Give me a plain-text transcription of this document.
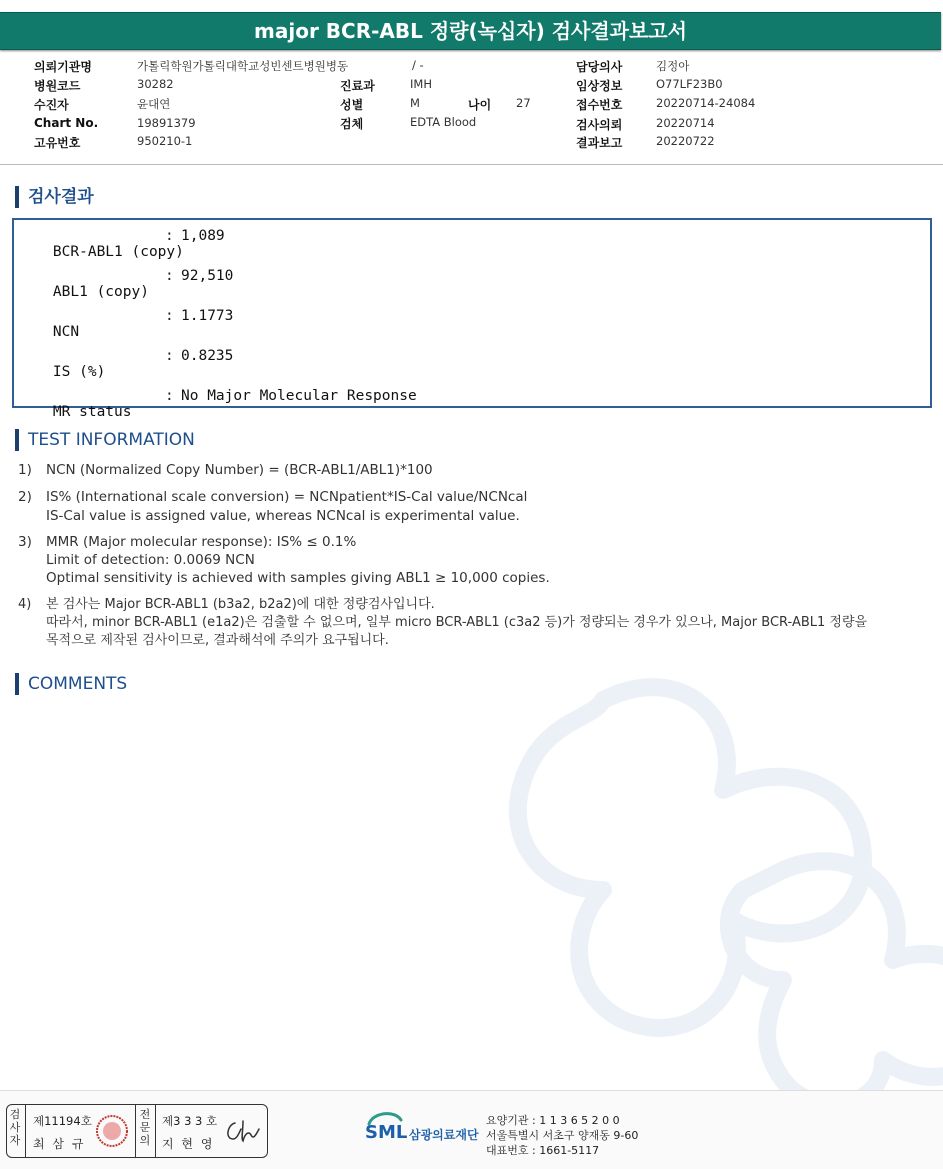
major BCR-ABL 정량(녹십자) 검사결과보고서
의뢰기관명	가톨릭학원가톨릭대학교성빈센트병원병동	/ -
병원코드	30282	진료과	IMH
수진자	윤대연	성별	M	나이 27
Chart No.	19891379	검체	EDTA Blood
고유번호	950210-1
담당의사	김정아
임상정보	O77LF23B0
접수번호	20220714-24084
검사의뢰	20220714
결과보고	20220722
검사결과

BCR-ABL1 (copy)

: 1,089

ABL1 (copy)

: 92,510

NCN

: 1.1773

IS (%)

: 0.8235

MR status

: No Major Molecular Response
TEST INFORMATION
1) NCN (Normalized Copy Number) = (BCR-ABL1/ABL1)*100
2) IS% (International scale conversion) = NCNpatient*IS-Cal value/NCNcal
IS-Cal value is assigned value, whereas NCNcal is experimental value.
3) MMR (Major molecular response): IS% ≤ 0.1%
Limit of detection: 0.0069 NCN
Optimal sensitivity is achieved with samples giving ABL1 ≥ 10,000 copies.
4) 본 검사는 Major BCR-ABL1 (b3a2, b2a2)에 대한 정량검사입니다.
따라서, minor BCR-ABL1 (e1a2)은 검출할 수 없으며, 일부 micro BCR-ABL1 (c3a2 등)가 정량되는 경우가 있으나, Major BCR-ABL1 정량을
목적으로 제작된 검사이므로, 결과해석에 주의가 요구됩니다.
COMMENTS
검
사
자
제11194호
최 삼 규
전
문
의
제3 3 3 호
지 현 영
SML 삼광의료재단
요양기관 : 1 1 3 6 5 2 0 0
서울특별시 서초구 양재동 9-60
대표번호 : 1661-5117
